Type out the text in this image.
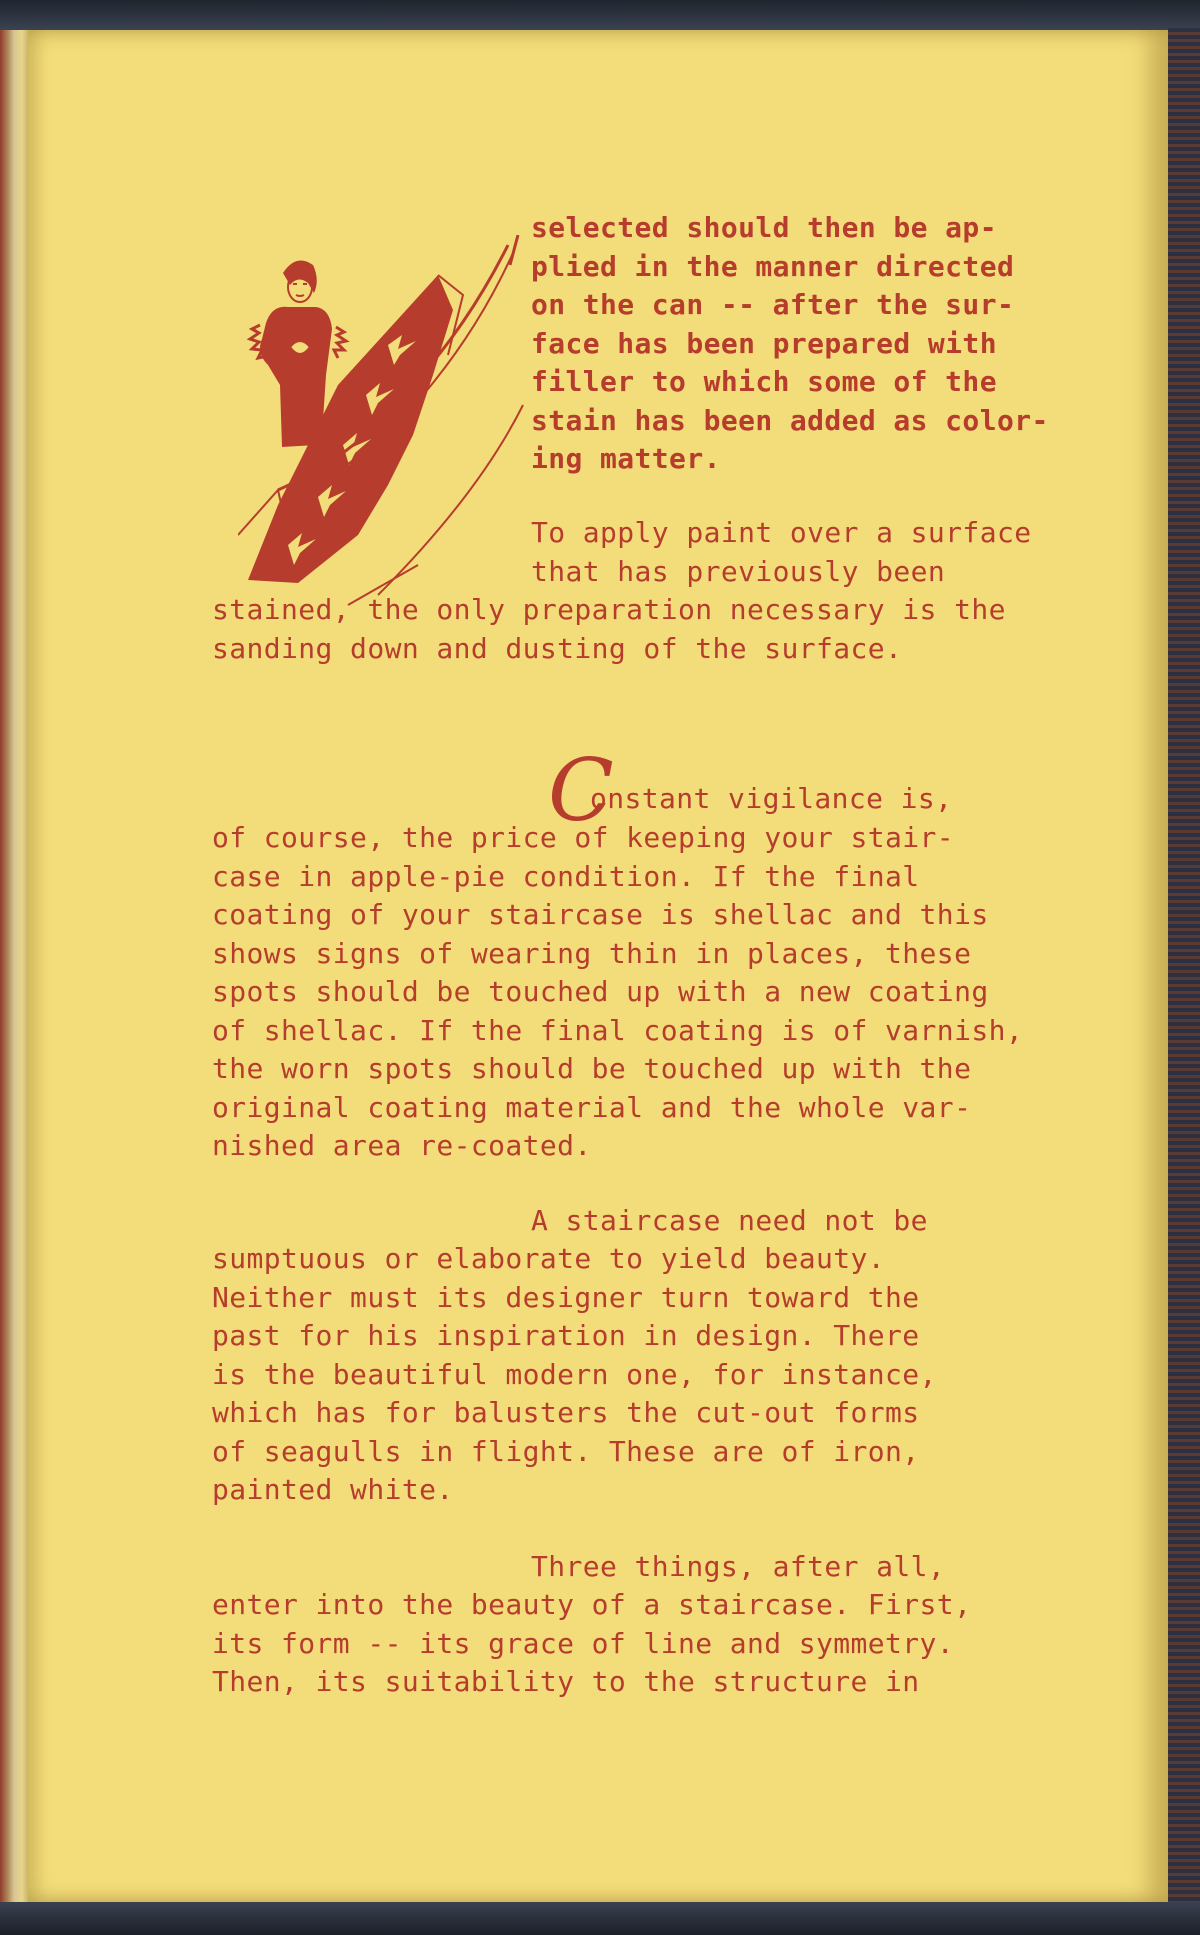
selected should then be ap-
plied in the manner directed
on the can -- after the sur-
face has been prepared with
filler to which some of the
stain has been added as color-
ing matter.

To apply paint over a surface
that has previously been

stained, the only preparation necessary is the
sanding down and dusting of the surface.

C

onstant vigilance is,

of course, the price of keeping your stair-
case in apple-pie condition. If the final
coating of your staircase is shellac and this
shows signs of wearing thin in places, these
spots should be touched up with a new coating
of shellac. If the final coating is of varnish,
the worn spots should be touched up with the
original coating material and the whole var-
nished area re-coated.

A staircase need not be

sumptuous or elaborate to yield beauty.
Neither must its designer turn toward the
past for his inspiration in design. There
is the beautiful modern one, for instance,
which has for balusters the cut-out forms
of seagulls in flight. These are of iron,
painted white.

Three things, after all,

enter into the beauty of a staircase. First,
its form -- its grace of line and symmetry.
Then, its suitability to the structure in
